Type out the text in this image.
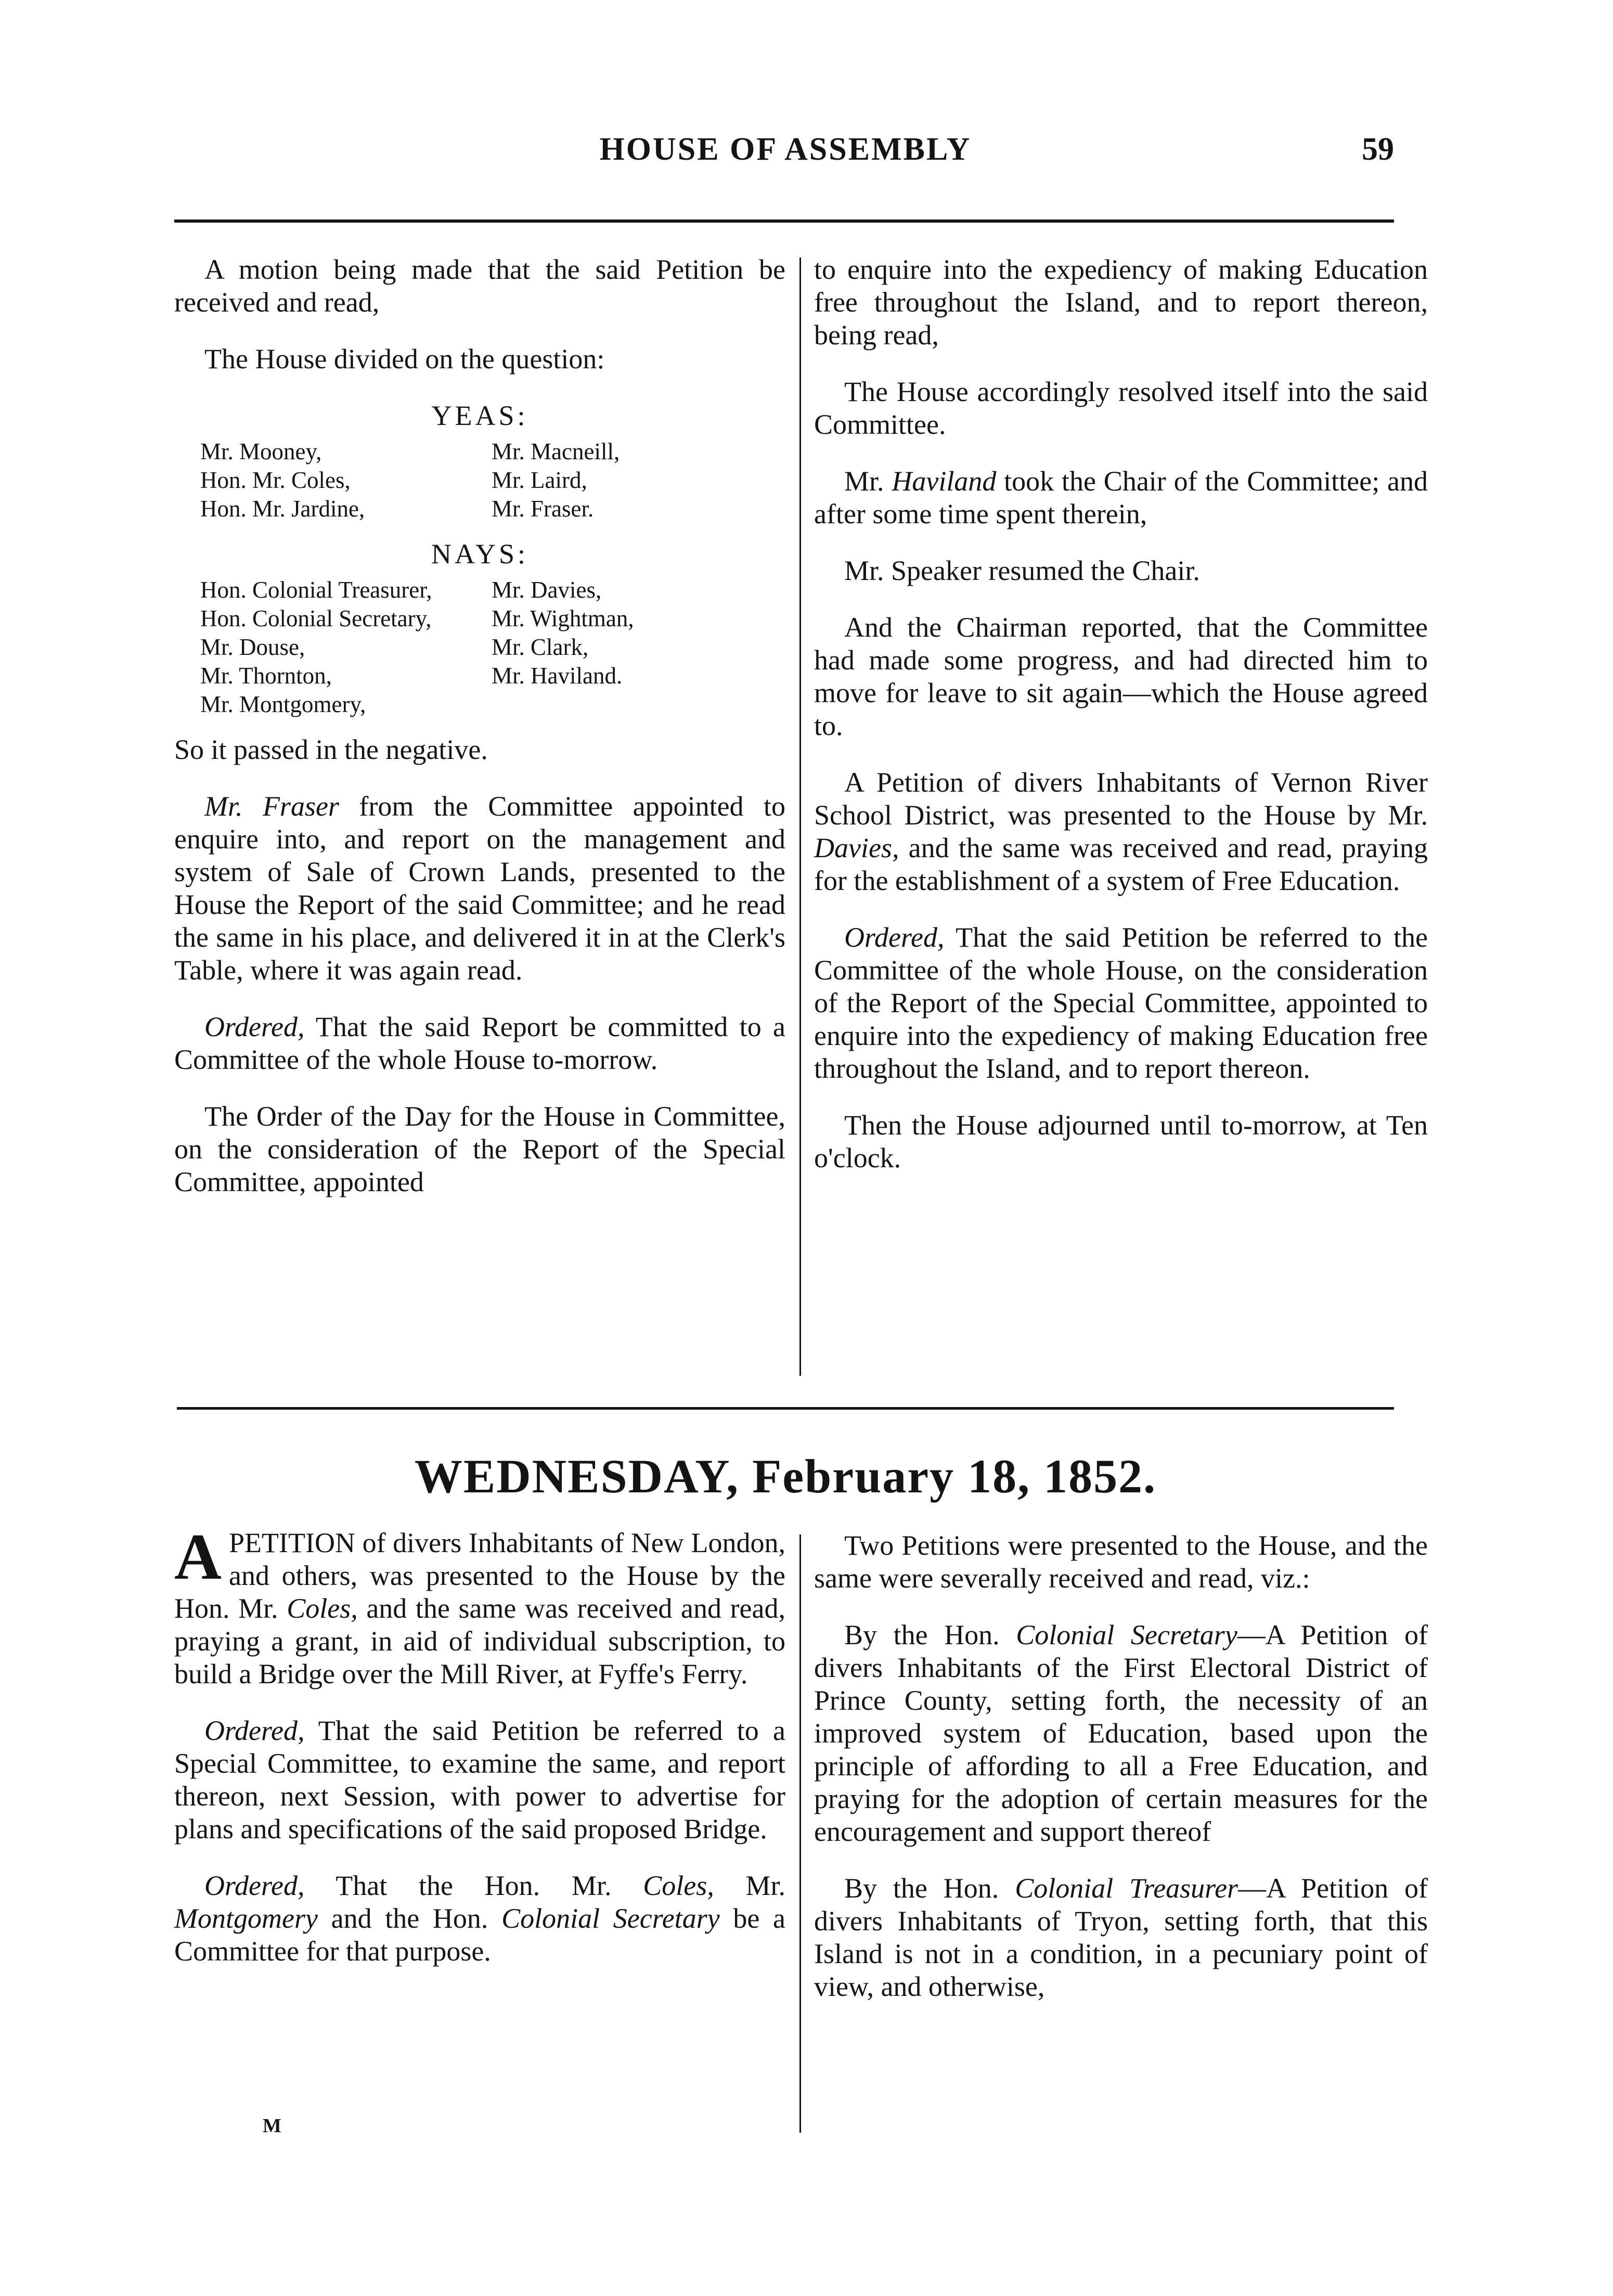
HOUSE OF ASSEMBLY	59

A motion being made that the said Petition be received and read,

The House divided on the question:

YEAS:
Mr. Mooney,	Mr. Macneill,
Hon. Mr. Coles,	Mr. Laird,
Hon. Mr. Jardine,	Mr. Fraser.
NAYS:
Hon. Colonial Treasurer,	Mr. Davies,
Hon. Colonial Secretary,	Mr. Wightman,
Mr. Douse,	Mr. Clark,
Mr. Thornton,	Mr. Haviland.
Mr. Montgomery,

So it passed in the negative.

Mr. Fraser from the Committee appointed to enquire into, and report on the management and system of Sale of Crown Lands, presented to the House the Report of the said Committee; and he read the same in his place, and delivered it in at the Clerk's Table, where it was again read.

Ordered, That the said Report be committed to a Committee of the whole House to-morrow.

The Order of the Day for the House in Committee, on the consideration of the Report of the Special Committee, appointed

to enquire into the expediency of making Education free throughout the Island, and to report thereon, being read,

The House accordingly resolved itself into the said Committee.

Mr. Haviland took the Chair of the Committee; and after some time spent therein,

Mr. Speaker resumed the Chair.

And the Chairman reported, that the Committee had made some progress, and had directed him to move for leave to sit again—which the House agreed to.

A Petition of divers Inhabitants of Vernon River School District, was presented to the House by Mr. Davies, and the same was received and read, praying for the establishment of a system of Free Education.

Ordered, That the said Petition be referred to the Committee of the whole House, on the consideration of the Report of the Special Committee, appointed to enquire into the expediency of making Education free throughout the Island, and to report thereon.

Then the House adjourned until to-morrow, at Ten o'clock.

WEDNESDAY, February 18, 1852.

APETITION of divers Inhabitants of New London, and others, was presented to the House by the Hon. Mr. Coles, and the same was received and read, praying a grant, in aid of individual subscription, to build a Bridge over the Mill River, at Fyffe's Ferry.

Ordered, That the said Petition be referred to a Special Committee, to examine the same, and report thereon, next Session, with power to advertise for plans and specifications of the said proposed Bridge.

Ordered, That the Hon. Mr. Coles, Mr. Montgomery and the Hon. Colonial Secretary be a Committee for that purpose.

M

Two Petitions were presented to the House, and the same were severally received and read, viz.:

By the Hon. Colonial Secretary—A Petition of divers Inhabitants of the First Electoral District of Prince County, setting forth, the necessity of an improved system of Education, based upon the principle of affording to all a Free Education, and praying for the adoption of certain measures for the encouragement and support thereof

By the Hon. Colonial Treasurer—A Petition of divers Inhabitants of Tryon, setting forth, that this Island is not in a condition, in a pecuniary point of view, and otherwise,
